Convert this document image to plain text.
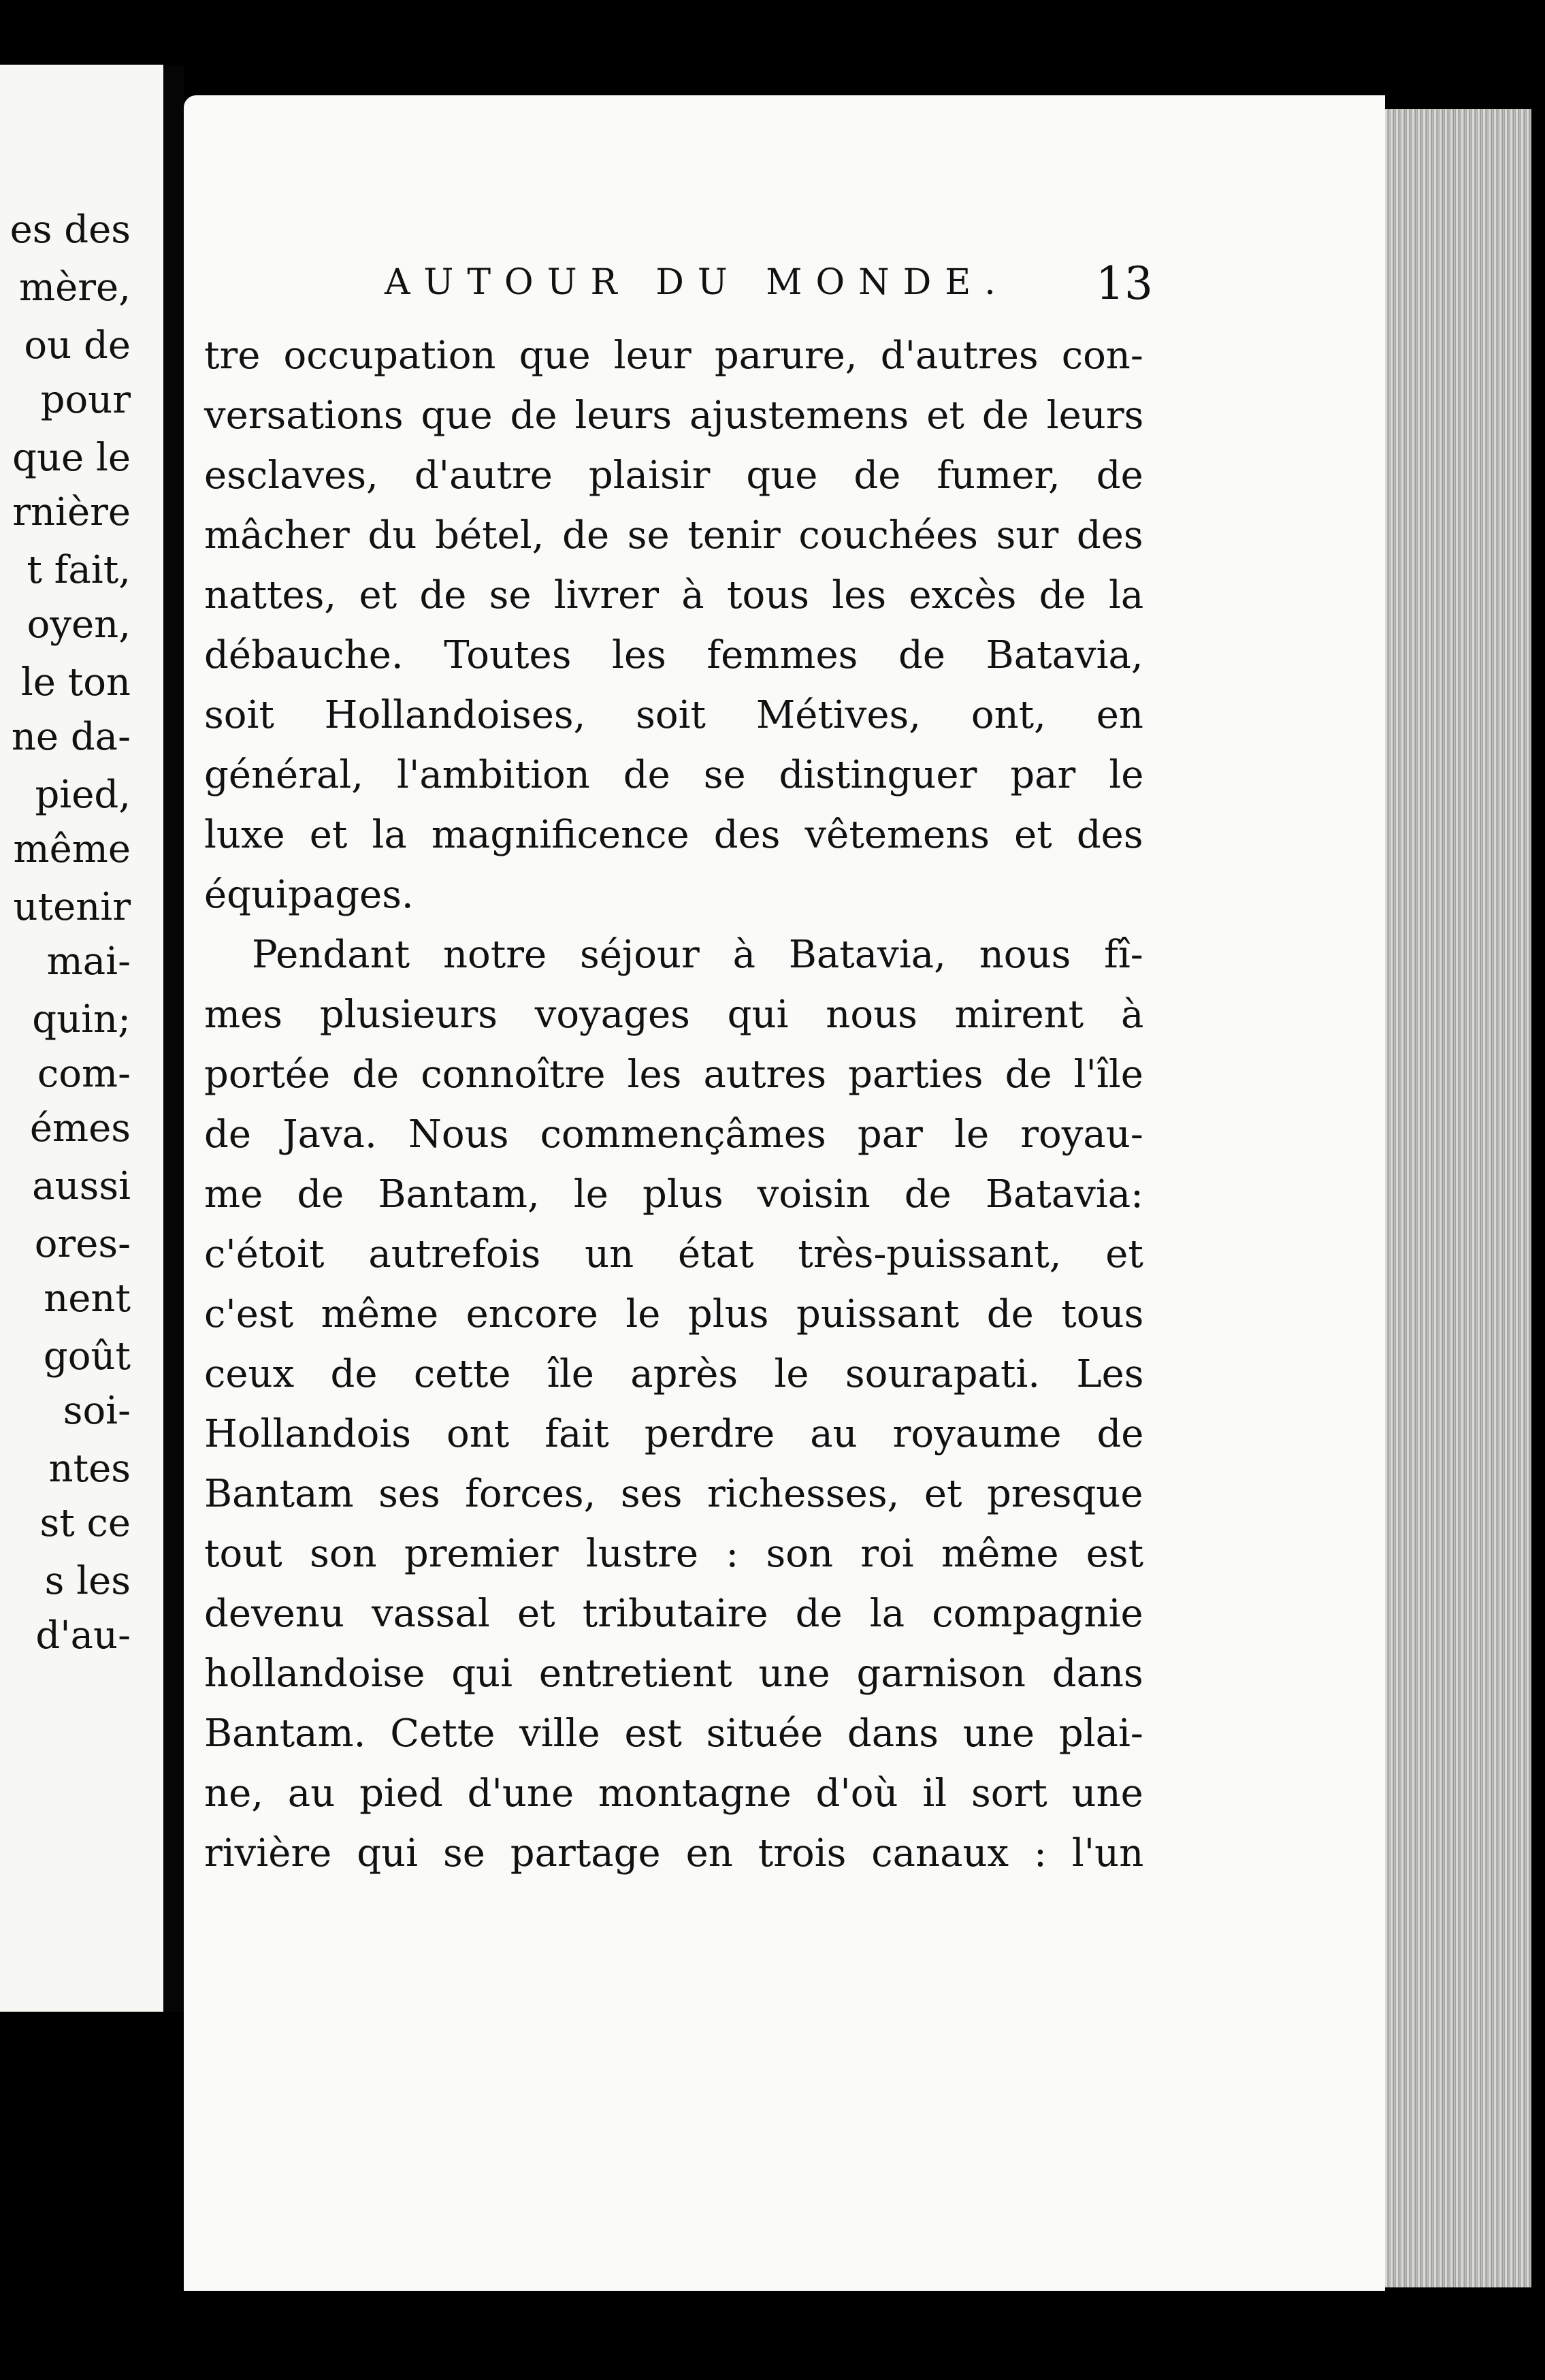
es des
mère,
ou de
pour
que le
rnière
t fait,
oyen,
le ton
ne da-
pied,
même
utenir
mai-
quin;
com-
émes
aussi
ores-
nent
goût
soi-
ntes
st ce
s les
d'au-
AUTOUR DU MONDE. 13
tre occupation que leur parure, d'autres con-
versations que de leurs ajustemens et de leurs
esclaves, d'autre plaisir que de fumer, de
mâcher du bétel, de se tenir couchées sur des
nattes, et de se livrer à tous les excès de la
débauche. Toutes les femmes de Batavia,
soit Hollandoises, soit Métives, ont, en
général, l'ambition de se distinguer par le
luxe et la magnificence des vêtemens et des
équipages.
Pendant notre séjour à Batavia, nous fî-
mes plusieurs voyages qui nous mirent à
portée de connoître les autres parties de l'île
de Java. Nous commençâmes par le royau-
me de Bantam, le plus voisin de Batavia:
c'étoit autrefois un état très-puissant, et
c'est même encore le plus puissant de tous
ceux de cette île après le sourapati. Les
Hollandois ont fait perdre au royaume de
Bantam ses forces, ses richesses, et presque
tout son premier lustre : son roi même est
devenu vassal et tributaire de la compagnie
hollandoise qui entretient une garnison dans
Bantam. Cette ville est située dans une plai-
ne, au pied d'une montagne d'où il sort une
rivière qui se partage en trois canaux : l'un
